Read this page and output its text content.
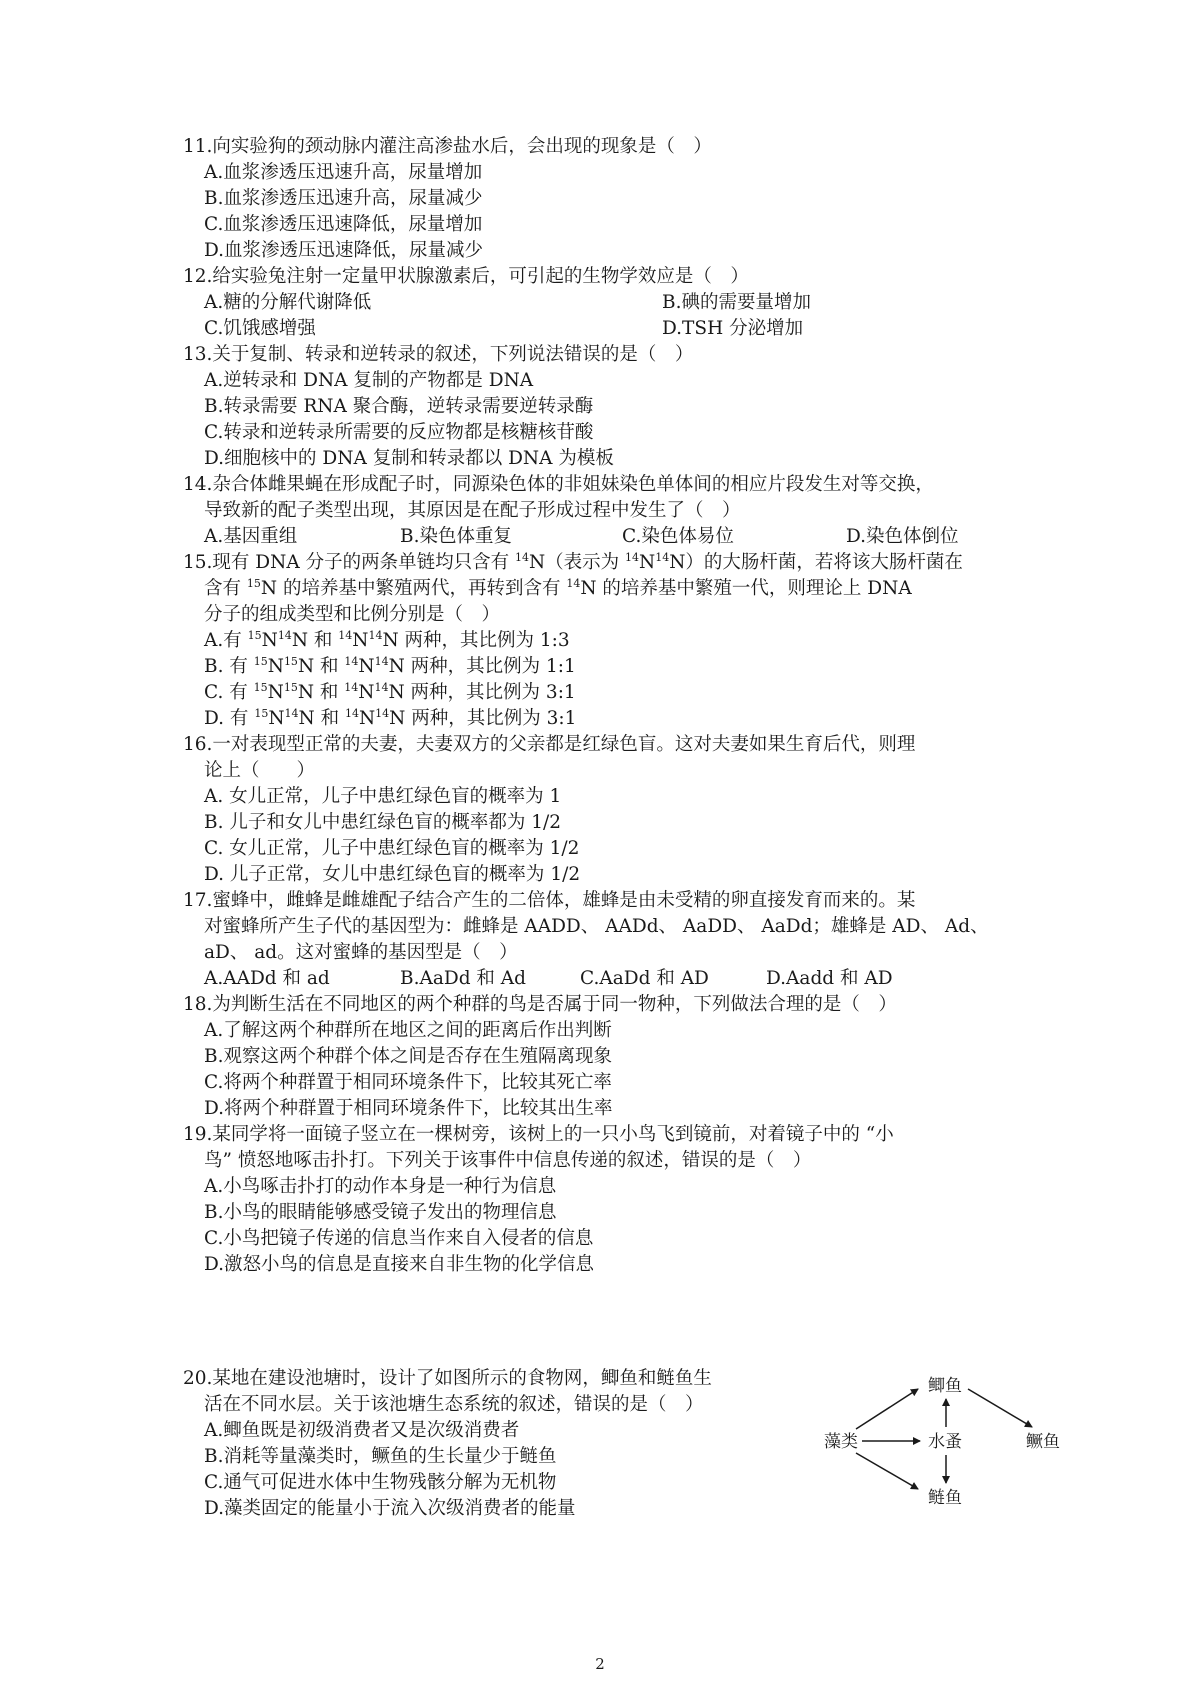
11.向实验狗的颈动脉内灌注高渗盐水后，会出现的现象是（　）
A.血浆渗透压迅速升高，尿量增加
B.血浆渗透压迅速升高，尿量减少
C.血浆渗透压迅速降低，尿量增加
D.血浆渗透压迅速降低，尿量减少
12.给实验兔注射一定量甲状腺激素后，可引起的生物学效应是（　）
A.糖的分解代谢降低	B.碘的需要量增加
C.饥饿感增强	D.TSH 分泌增加
13.关于复制、转录和逆转录的叙述，下列说法错误的是（　）
A.逆转录和 DNA 复制的产物都是 DNA
B.转录需要 RNA 聚合酶，逆转录需要逆转录酶
C.转录和逆转录所需要的反应物都是核糖核苷酸
D.细胞核中的 DNA 复制和转录都以 DNA 为模板
14.杂合体雌果蝇在形成配子时，同源染色体的非姐妹染色单体间的相应片段发生对等交换，
导致新的配子类型出现，其原因是在配子形成过程中发生了（　）
A.基因重组	B.染色体重复	C.染色体易位	D.染色体倒位
15.现有 DNA 分子的两条单链均只含有 $^{14}$N（表示为 $^{14}N^{14}N$）的大肠杆菌，若将该大肠杆菌在
含有 $^{15}$N 的培养基中繁殖两代，再转到含有 $^{14}$N 的培养基中繁殖一代，则理论上 DNA
分子的组成类型和比例分别是（　）
A.有 $^{15}N^{14}N$ 和 $^{14}N^{14}N$ 两种，其比例为 1:3
B. 有 $^{15}N^{15}N$ 和 $^{14}N^{14}N$ 两种，其比例为 1:1
C. 有 $^{15}N^{15}N$ 和 $^{14}N^{14}N$ 两种，其比例为 3:1
D. 有 $^{15}N^{14}N$ 和 $^{14}N^{14}N$ 两种，其比例为 3:1
16.一对表现型正常的夫妻，夫妻双方的父亲都是红绿色盲。这对夫妻如果生育后代，则理
论上（　　）
A. 女儿正常，儿子中患红绿色盲的概率为 1
B. 儿子和女儿中患红绿色盲的概率都为 1/2
C. 女儿正常，儿子中患红绿色盲的概率为 1/2
D. 儿子正常，女儿中患红绿色盲的概率为 1/2
17.蜜蜂中，雌蜂是雌雄配子结合产生的二倍体，雄蜂是由未受精的卵直接发育而来的。某
对蜜蜂所产生子代的基因型为：雌蜂是 AADD、 AADd、 AaDD、 AaDd；雄蜂是 AD、 Ad、
aD、 ad。这对蜜蜂的基因型是（　）
A.AADd 和 ad	B.AaDd 和 Ad	C.AaDd 和 AD	D.Aadd 和 AD
18.为判断生活在不同地区的两个种群的鸟是否属于同一物种，下列做法合理的是（　）
A.了解这两个种群所在地区之间的距离后作出判断
B.观察这两个种群个体之间是否存在生殖隔离现象
C.将两个种群置于相同环境条件下，比较其死亡率
D.将两个种群置于相同环境条件下，比较其出生率
19.某同学将一面镜子竖立在一棵树旁，该树上的一只小鸟飞到镜前，对着镜子中的 “小
鸟” 愤怒地啄击扑打。下列关于该事件中信息传递的叙述，错误的是（　）
A.小鸟啄击扑打的动作本身是一种行为信息
B.小鸟的眼睛能够感受镜子发出的物理信息
C.小鸟把镜子传递的信息当作来自入侵者的信息
D.激怒小鸟的信息是直接来自非生物的化学信息
20.某地在建设池塘时，设计了如图所示的食物网，鲫鱼和鲢鱼生
活在不同水层。关于该池塘生态系统的叙述，错误的是（　）
A.鲫鱼既是初级消费者又是次级消费者
B.消耗等量藻类时，鳜鱼的生长量少于鲢鱼
C.通气可促进水体中生物残骸分解为无机物
D.藻类固定的能量小于流入次级消费者的能量
藻类	水蚤
鲫鱼
鲢鱼
鳜鱼
2
